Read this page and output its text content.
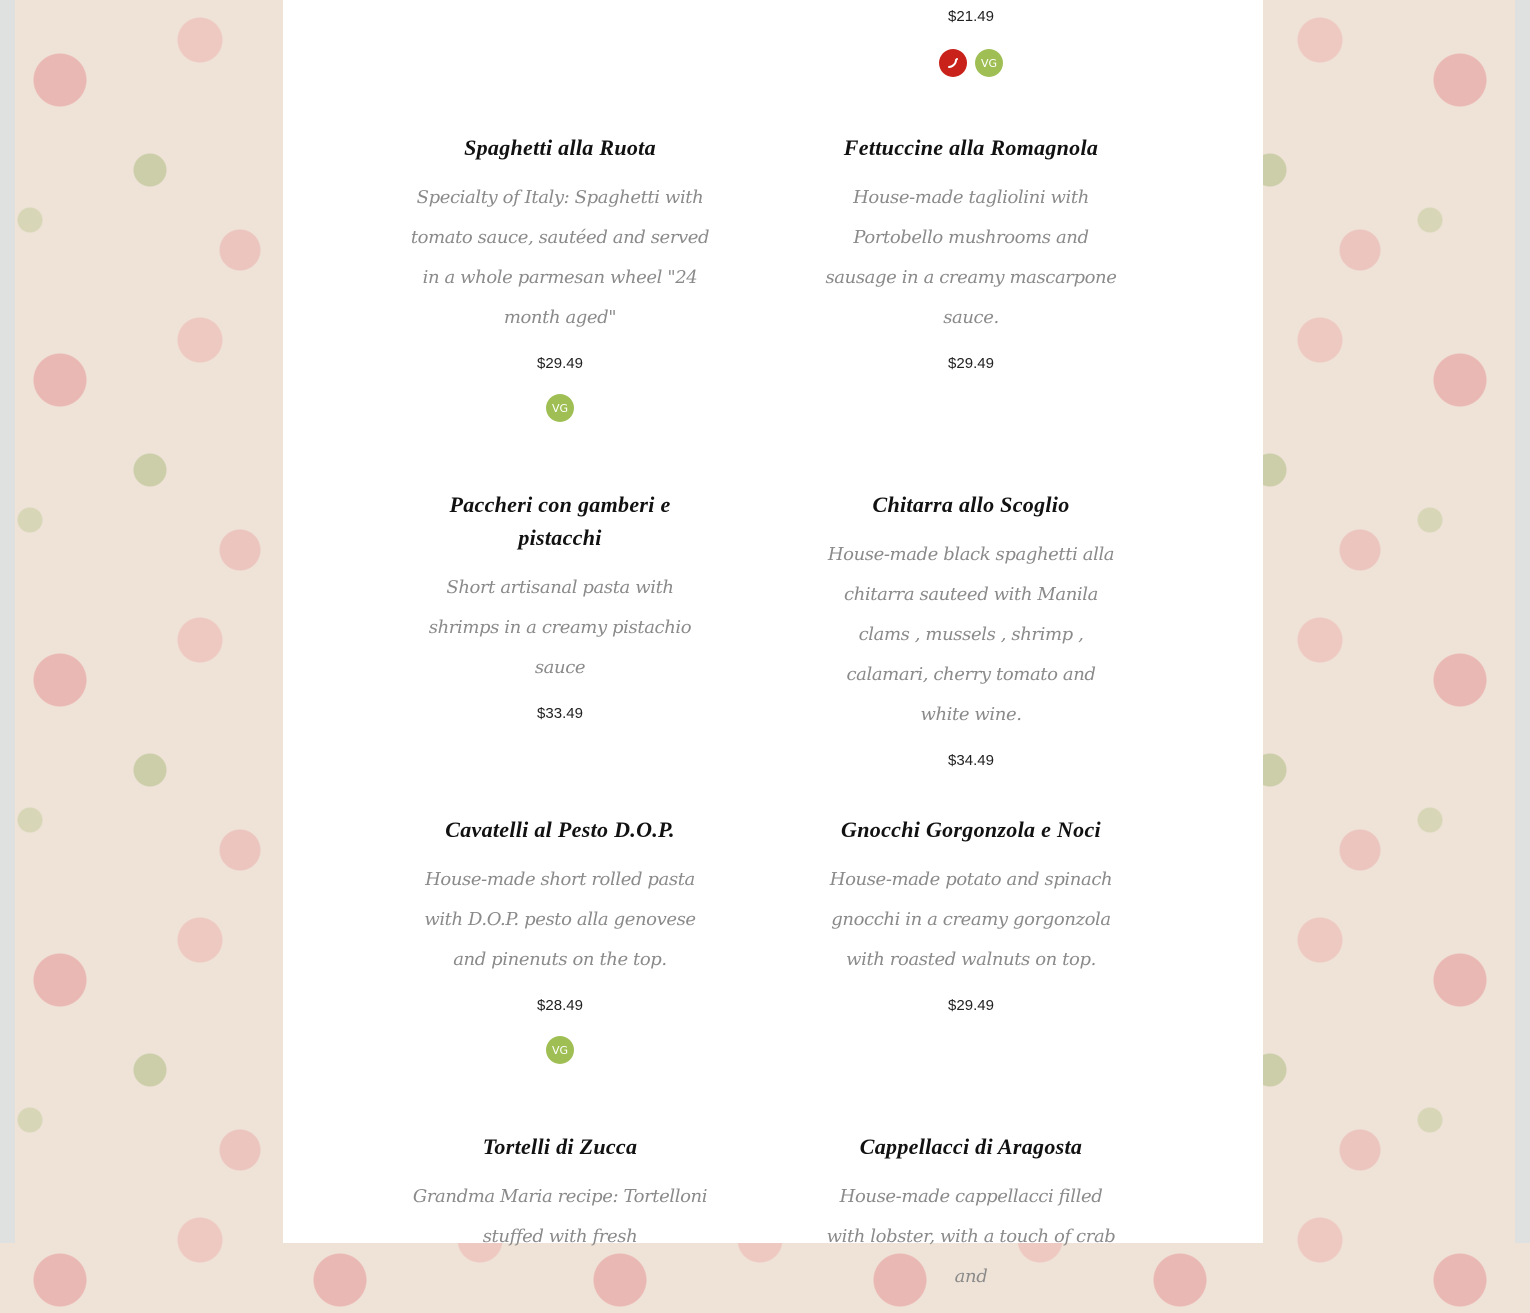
$21.49

VG
Spaghetti alla Ruota

Specialty of Italy: Spaghetti with tomato sauce, sautéed and served in a whole parmesan wheel "24 month aged"

$29.49

VG
Fettuccine alla Romagnola

House-made tagliolini with Portobello mushrooms and sausage in a creamy mascarpone sauce.

$29.49

Paccheri con gamberi e pistacchi

Short artisanal pasta with shrimps in a creamy pistachio sauce

$33.49

Chitarra allo Scoglio

House-made black spaghetti alla chitarra sauteed with Manila clams , mussels , shrimp , calamari, cherry tomato and white wine.

$34.49

Cavatelli al Pesto D.O.P.

House-made short rolled pasta with D.O.P. pesto alla genovese and pinenuts on the top.

$28.49

VG
Gnocchi Gorgonzola e Noci

House-made potato and spinach gnocchi in a creamy gorgonzola with roasted walnuts on top.

$29.49

Tortelli di Zucca

Grandma Maria recipe: Tortelloni stuffed with fresh

Cappellacci di Aragosta

House-made cappellacci filled with lobster, with a touch of crab and
